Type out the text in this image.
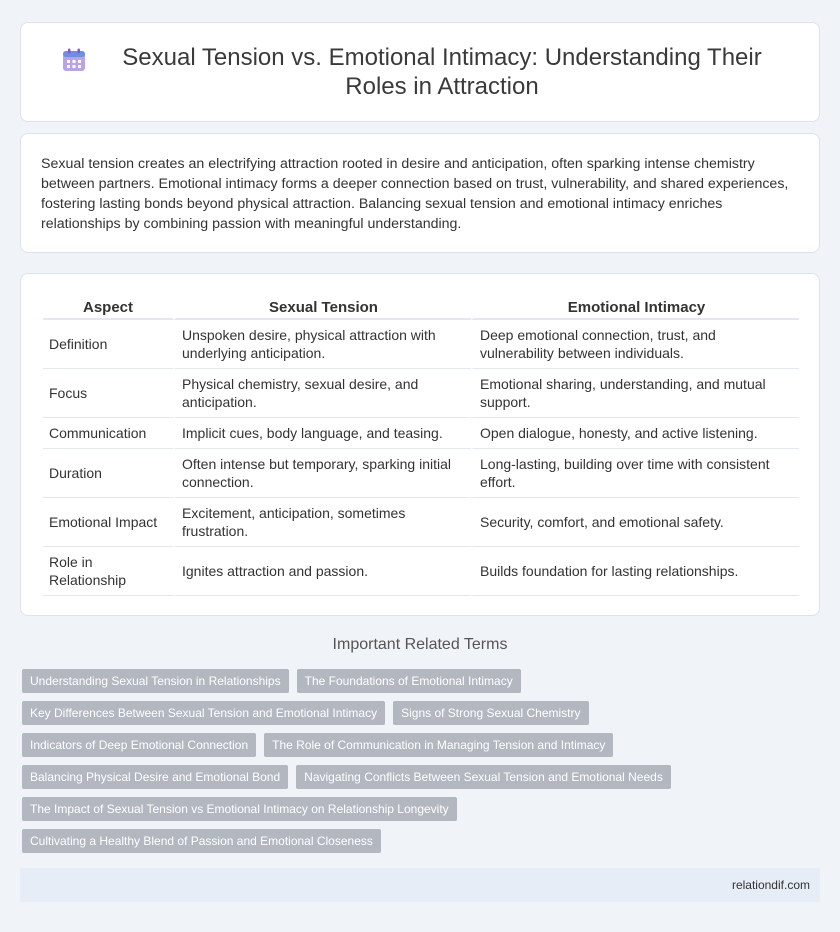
Sexual Tension vs. Emotional Intimacy: Understanding Their Roles in Attraction

Sexual tension creates an electrifying attraction rooted in desire and anticipation, often sparking intense chemistry between partners. Emotional intimacy forms a deeper connection based on trust, vulnerability, and shared experiences, fostering lasting bonds beyond physical attraction. Balancing sexual tension and emotional intimacy enriches relationships by combining passion with meaningful understanding.

Aspect	Sexual Tension	Emotional Intimacy
Definition	Unspoken desire, physical attraction with underlying anticipation.	Deep emotional connection, trust, and vulnerability between individuals.
Focus	Physical chemistry, sexual desire, and anticipation.	Emotional sharing, understanding, and mutual support.
Communication	Implicit cues, body language, and teasing.	Open dialogue, honesty, and active listening.
Duration	Often intense but temporary, sparking initial connection.	Long-lasting, building over time with consistent effort.
Emotional Impact	Excitement, anticipation, sometimes frustration.	Security, comfort, and emotional safety.
Role in Relationship	Ignites attraction and passion.	Builds foundation for lasting relationships.
Important Related Terms
Understanding Sexual Tension in Relationships	The Foundations of Emotional Intimacy
Key Differences Between Sexual Tension and Emotional Intimacy	Signs of Strong Sexual Chemistry
Indicators of Deep Emotional Connection	The Role of Communication in Managing Tension and Intimacy
Balancing Physical Desire and Emotional Bond	Navigating Conflicts Between Sexual Tension and Emotional Needs
The Impact of Sexual Tension vs Emotional Intimacy on Relationship Longevity
Cultivating a Healthy Blend of Passion and Emotional Closeness
relationdif.com
